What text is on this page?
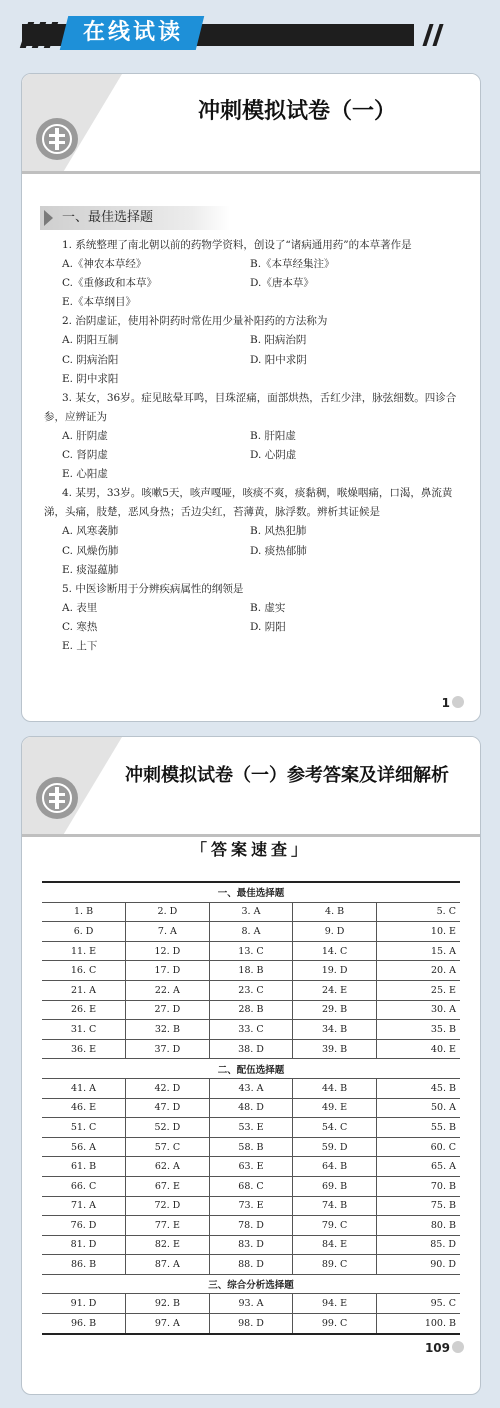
在线试读
冲刺模拟试卷（一）
一、最佳选择题
1. 系统整理了南北朝以前的药物学资料，创设了“诸病通用药”的本草著作是
A.《神农本草经》	B.《本草经集注》
C.《重修政和本草》	D.《唐本草》
E.《本草纲目》
2. 治阴虚证，使用补阴药时常佐用少量补阳药的方法称为
A. 阴阳互制	B. 阳病治阴
C. 阴病治阳	D. 阳中求阴
E. 阴中求阳
3. 某女，36岁。症见眩晕耳鸣，目珠涩痛，面部烘热，舌红少津，脉弦细数。四诊合参，应辨证为
A. 肝阴虚	B. 肝阳虚
C. 肾阴虚	D. 心阴虚
E. 心阳虚
4. 某男，33岁。咳嗽5天，咳声嘎哑，咳痰不爽，痰黏稠，喉燥咽痛，口渴，鼻流黄涕，头痛，肢楚，恶风身热；舌边尖红，苔薄黄，脉浮数。辨析其证候是
A. 风寒袭肺	B. 风热犯肺
C. 风燥伤肺	D. 痰热郁肺
E. 痰湿蕴肺
5. 中医诊断用于分辨疾病属性的纲领是
A. 表里	B. 虚实
C. 寒热	D. 阴阳
E. 上下
1
冲刺模拟试卷（一）参考答案及详细解析
「答案速查」
一、最佳选择题				
1. B	2. D	3. A	4. B	5. C
6. D	7. A	8. A	9. D	10. E
11. E	12. D	13. C	14. C	15. A
16. C	17. D	18. B	19. D	20. A
21. A	22. A	23. C	24. E	25. E
26. E	27. D	28. B	29. B	30. A
31. C	32. B	33. C	34. B	35. B
36. E	37. D	38. D	39. B	40. E
二、配伍选择题				
41. A	42. D	43. A	44. B	45. B
46. E	47. D	48. D	49. E	50. A
51. C	52. D	53. E	54. C	55. B
56. A	57. C	58. B	59. D	60. C
61. B	62. A	63. E	64. B	65. A
66. C	67. E	68. C	69. B	70. B
71. A	72. D	73. E	74. B	75. B
76. D	77. E	78. D	79. C	80. B
81. D	82. E	83. D	84. E	85. D
86. B	87. A	88. D	89. C	90. D
三、综合分析选择题				
91. D	92. B	93. A	94. E	95. C
96. B	97. A	98. D	99. C	100. B
109
